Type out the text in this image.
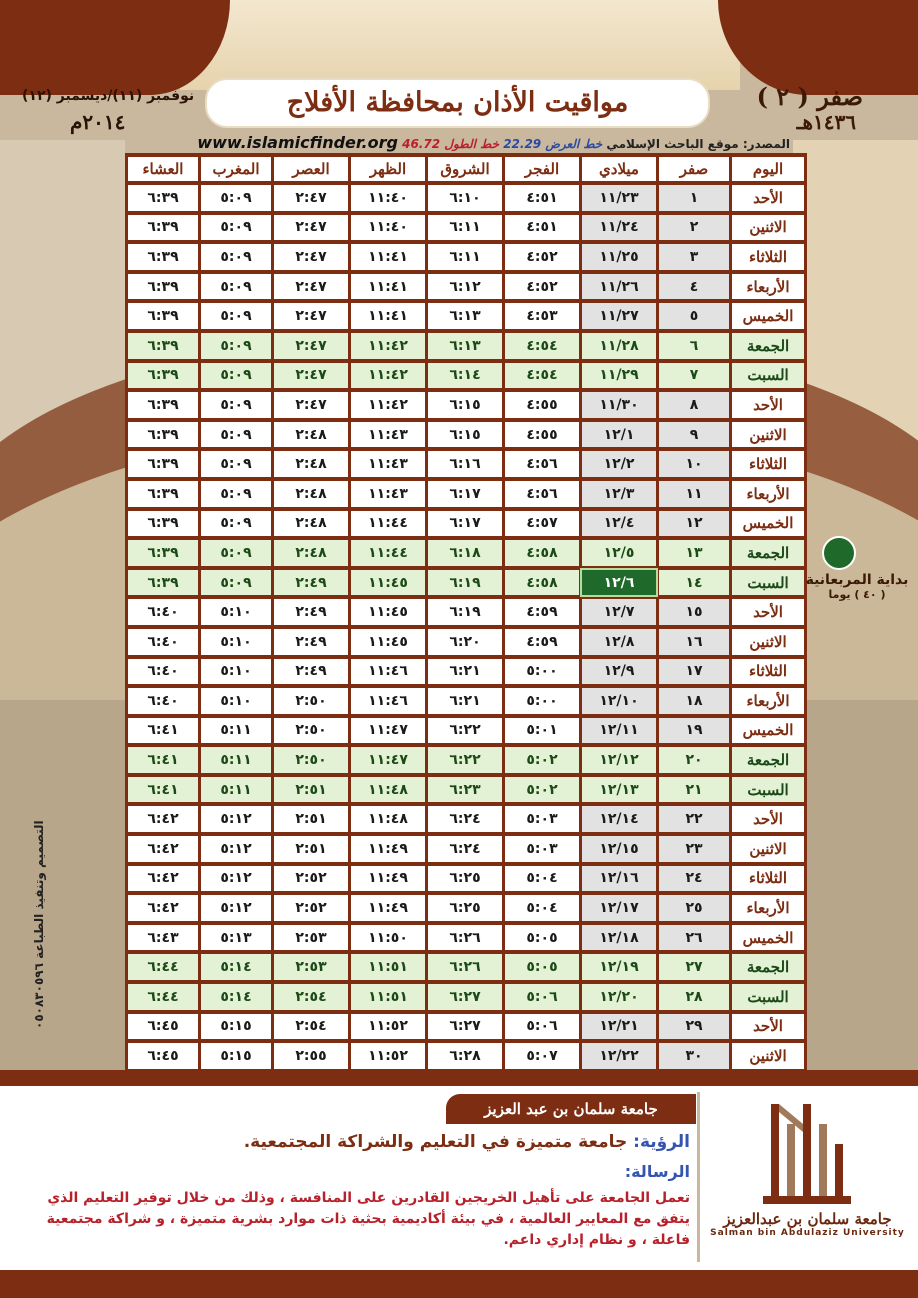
مواقيت الأذان بمحافظة الأفلاج	صفر ( ٢ )
١٤٣٦هـ
نوفمبر (١١)/ديسمبر (١٢)
٢٠١٤م
المصدر: موقع الباحث الإسلامي خط العرض 22.29 خط الطول 46.72 www.islamicfinder.org
اليوم	صفر	ميلادي	الفجر	الشروق	الظهر	العصر	المغرب	العشاء
الأحد	١	١١/٢٣	٤:٥١	٦:١٠	١١:٤٠	٢:٤٧	٥:٠٩	٦:٣٩
الاثنين	٢	١١/٢٤	٤:٥١	٦:١١	١١:٤٠	٢:٤٧	٥:٠٩	٦:٣٩
الثلاثاء	٣	١١/٢٥	٤:٥٢	٦:١١	١١:٤١	٢:٤٧	٥:٠٩	٦:٣٩
الأربعاء	٤	١١/٢٦	٤:٥٢	٦:١٢	١١:٤١	٢:٤٧	٥:٠٩	٦:٣٩
الخميس	٥	١١/٢٧	٤:٥٣	٦:١٣	١١:٤١	٢:٤٧	٥:٠٩	٦:٣٩
الجمعة	٦	١١/٢٨	٤:٥٤	٦:١٣	١١:٤٢	٢:٤٧	٥:٠٩	٦:٣٩
السبت	٧	١١/٢٩	٤:٥٤	٦:١٤	١١:٤٢	٢:٤٧	٥:٠٩	٦:٣٩
الأحد	٨	١١/٣٠	٤:٥٥	٦:١٥	١١:٤٢	٢:٤٧	٥:٠٩	٦:٣٩
الاثنين	٩	١٢/١	٤:٥٥	٦:١٥	١١:٤٣	٢:٤٨	٥:٠٩	٦:٣٩
الثلاثاء	١٠	١٢/٢	٤:٥٦	٦:١٦	١١:٤٣	٢:٤٨	٥:٠٩	٦:٣٩
الأربعاء	١١	١٢/٣	٤:٥٦	٦:١٧	١١:٤٣	٢:٤٨	٥:٠٩	٦:٣٩
الخميس	١٢	١٢/٤	٤:٥٧	٦:١٧	١١:٤٤	٢:٤٨	٥:٠٩	٦:٣٩
الجمعة	١٣	١٢/٥	٤:٥٨	٦:١٨	١١:٤٤	٢:٤٨	٥:٠٩	٦:٣٩
السبت	١٤	١٢/٦	٤:٥٨	٦:١٩	١١:٤٥	٢:٤٩	٥:٠٩	٦:٣٩
الأحد	١٥	١٢/٧	٤:٥٩	٦:١٩	١١:٤٥	٢:٤٩	٥:١٠	٦:٤٠
الاثنين	١٦	١٢/٨	٤:٥٩	٦:٢٠	١١:٤٥	٢:٤٩	٥:١٠	٦:٤٠
الثلاثاء	١٧	١٢/٩	٥:٠٠	٦:٢١	١١:٤٦	٢:٤٩	٥:١٠	٦:٤٠
الأربعاء	١٨	١٢/١٠	٥:٠٠	٦:٢١	١١:٤٦	٢:٥٠	٥:١٠	٦:٤٠
الخميس	١٩	١٢/١١	٥:٠١	٦:٢٢	١١:٤٧	٢:٥٠	٥:١١	٦:٤١
الجمعة	٢٠	١٢/١٢	٥:٠٢	٦:٢٢	١١:٤٧	٢:٥٠	٥:١١	٦:٤١
السبت	٢١	١٢/١٣	٥:٠٢	٦:٢٣	١١:٤٨	٢:٥١	٥:١١	٦:٤١
الأحد	٢٢	١٢/١٤	٥:٠٣	٦:٢٤	١١:٤٨	٢:٥١	٥:١٢	٦:٤٢
الاثنين	٢٣	١٢/١٥	٥:٠٣	٦:٢٤	١١:٤٩	٢:٥١	٥:١٢	٦:٤٢
الثلاثاء	٢٤	١٢/١٦	٥:٠٤	٦:٢٥	١١:٤٩	٢:٥٢	٥:١٢	٦:٤٢
الأربعاء	٢٥	١٢/١٧	٥:٠٤	٦:٢٥	١١:٤٩	٢:٥٢	٥:١٢	٦:٤٢
الخميس	٢٦	١٢/١٨	٥:٠٥	٦:٢٦	١١:٥٠	٢:٥٣	٥:١٣	٦:٤٣
الجمعة	٢٧	١٢/١٩	٥:٠٥	٦:٢٦	١١:٥١	٢:٥٣	٥:١٤	٦:٤٤
السبت	٢٨	١٢/٢٠	٥:٠٦	٦:٢٧	١١:٥١	٢:٥٤	٥:١٤	٦:٤٤
الأحد	٢٩	١٢/٢١	٥:٠٦	٦:٢٧	١١:٥٢	٢:٥٤	٥:١٥	٦:٤٥
الاثنين	٣٠	١٢/٢٢	٥:٠٧	٦:٢٨	١١:٥٢	٢:٥٥	٥:١٥	٦:٤٥
بداية المربعانية
( ٤٠ ) يوما
التصميم وتنفيذ الطباعة ٠٥٠٨٣٠٥٩٦
جامعة سلمان بن عبد العزيز
الرؤية: جامعة متميزة في التعليم والشراكة المجتمعية.
الرسالة:
تعمل الجامعة على تأهيل الخريجين القادرين على المنافسة ، وذلك من خلال توفير التعليم الذي يتفق مع المعايير العالمية ، في بيئة أكاديمية بحثية ذات موارد بشرية متميزة ، و شراكة مجتمعية فاعلة ، و نظام إداري داعم.
جامعة سلمان بن عبدالعزيز
Salman bin Abdulaziz University
